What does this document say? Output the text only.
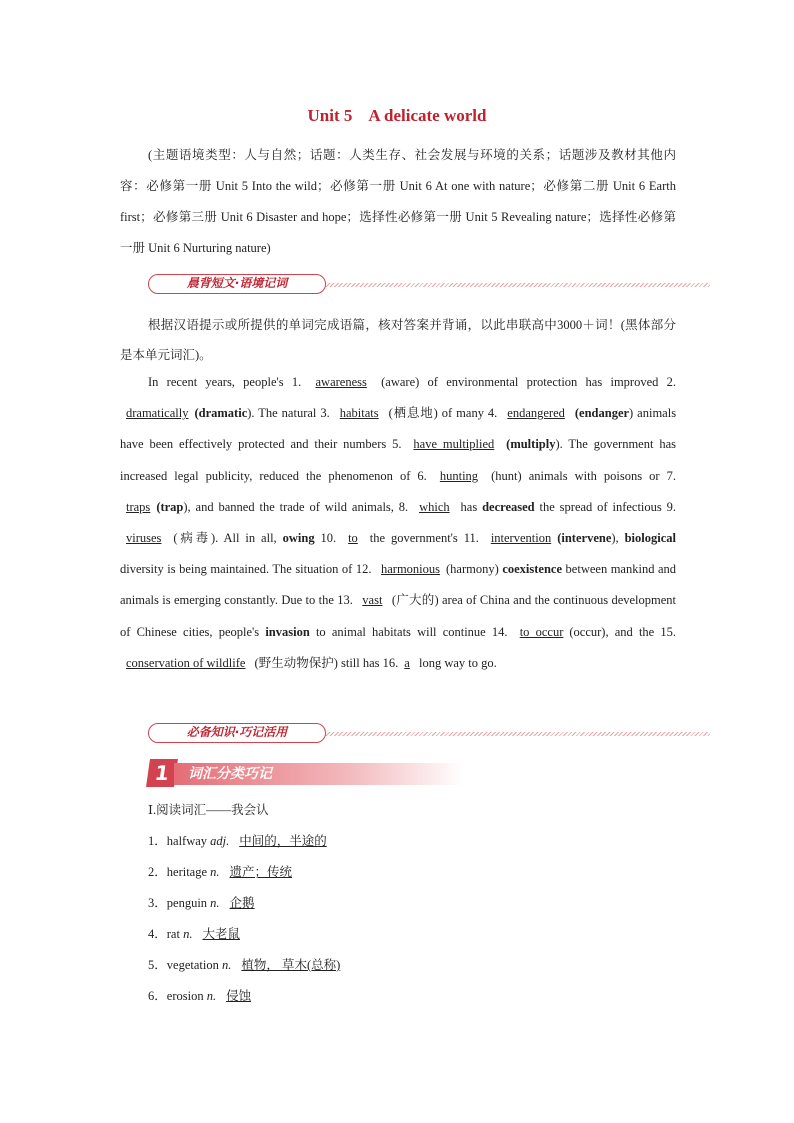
Unit 5 A delicate world
(主题语境类型：人与自然；话题：人类生存、社会发展与环境的关系；话题涉及教材其他内容：必修第一册 Unit 5 Into the wild；必修第一册 Unit 6 At one with nature；必修第二册 Unit 6 Earth first；必修第三册 Unit 6 Disaster and hope；选择性必修第一册 Unit 5 Revealing nature；选择性必修第一册 Unit 6 Nurturing nature)
晨背短文·语境记词
根据汉语提示或所提供的单词完成语篇，核对答案并背诵，以此串联高中3000＋词！(黑体部分是本单元词汇)。
In recent years, people's 1. awareness (aware) of environmental protection has improved 2. dramatically (dramatic). The natural 3. habitats (栖息地) of many 4. endangered (endanger) animals have been effectively protected and their numbers 5. have multiplied (multiply). The government has increased legal publicity, reduced the phenomenon of 6. hunting (hunt) animals with poisons or 7. traps (trap), and banned the trade of wild animals, 8. which has decreased the spread of infectious 9. viruses (病毒). All in all, owing 10. to the government's 11. intervention (intervene), biological diversity is being maintained. The situation of 12. harmonious (harmony) coexistence between mankind and animals is emerging constantly. Due to the 13. vast (广大的) area of China and the continuous development of Chinese cities, people's invasion to animal habitats will continue 14. to occur (occur), and the 15. conservation of wildlife (野生动物保护) still has 16. a long way to go.
必备知识·巧记活用
1	词汇分类巧记
Ⅰ.阅读词汇——我会认
1．halfway adj. 中间的，半途的
2．heritage n. 遗产；传统
3．penguin n. 企鹅
4．rat n. 大老鼠
5．vegetation n. 植物， 草木(总称)
6．erosion n. 侵蚀
